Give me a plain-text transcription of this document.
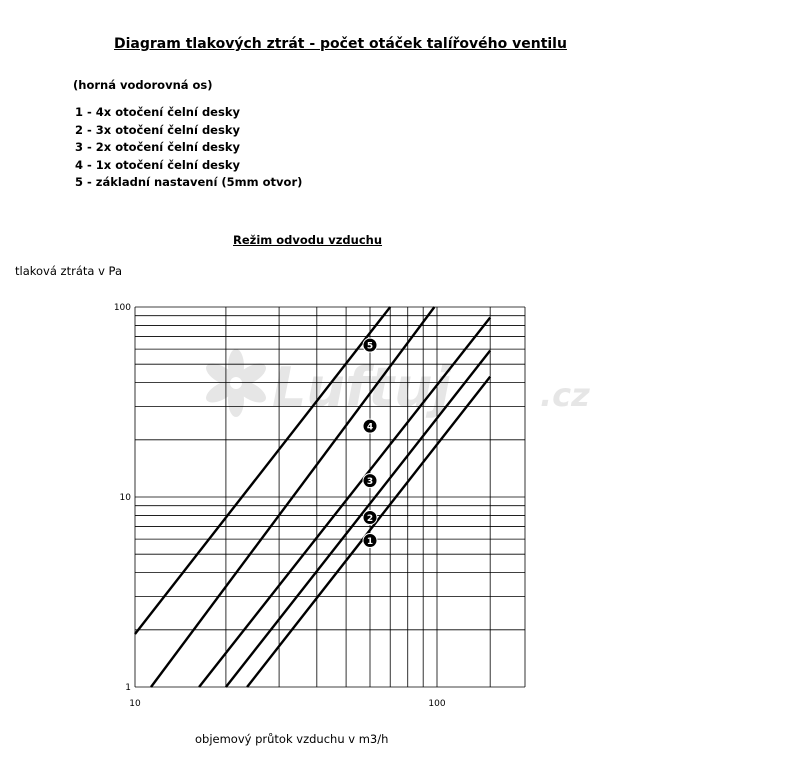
Diagram tlakových ztrát - počet otáček talířového ventilu
(horná vodorovná os)
1 - 4x otočení čelní desky
2 - 3x otočení čelní desky
3 - 2x otočení čelní desky
4 - 1x otočení čelní desky
5 - základní nastavení (5mm otvor)
Režim odvodu vzduchu
tlaková ztráta v Pa
objemový průtok vzduchu v m3/h
Luftuj	.cz
1
2
3
4
5
1
10
100
10	100
